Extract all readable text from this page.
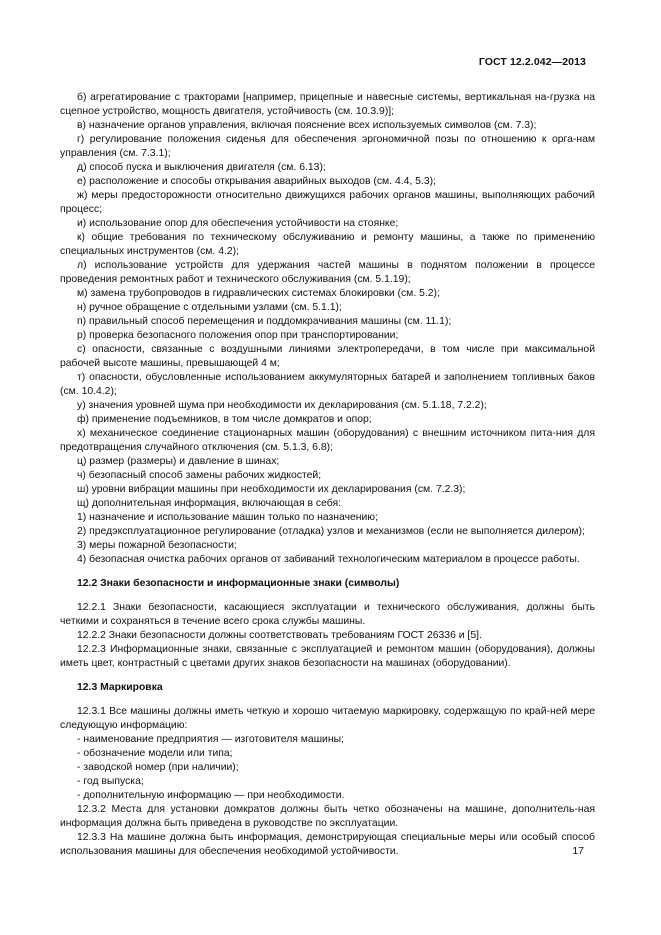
ГОСТ 12.2.042—2013

б) агрегатирование с тракторами [например, прицепные и навесные системы, вертикальная на-грузка на сцепное устройство, мощность двигателя, устойчивость (см. 10.3.9)];

в) назначение органов управления, включая пояснение всех используемых символов (см. 7.3);

г) регулирование положения сиденья для обеспечения эргономичной позы по отношению к орга-нам управления (см. 7.3.1);

д) способ пуска и выключения двигателя (см. 6.13);

е) расположение и способы открывания аварийных выходов (см. 4.4, 5.3);

ж) меры предосторожности относительно движущихся рабочих органов машины, выполняющих рабочий процесс;

и) использование опор для обеспечения устойчивости на стоянке;

к) общие требования по техническому обслуживанию и ремонту машины, а также по применению специальных инструментов (см. 4.2);

л) использование устройств для удержания частей машины в поднятом положении в процессе проведения ремонтных работ и технического обслуживания (см. 5.1.19);

м) замена трубопроводов в гидравлических системах блокировки (см. 5.2);

н) ручное обращение с отдельными узлами (см. 5.1.1);

п) правильный способ перемещения и поддомкрачивания машины (см. 11.1);

р) проверка безопасного положения опор при транспортировании;

с) опасности, связанные с воздушными линиями электропередачи, в том числе при максимальной рабочей высоте машины, превышающей 4 м;

т) опасности, обусловленные использованием аккумуляторных батарей и заполнением топливных баков (см. 10.4.2);

у) значения уровней шума при необходимости их декларирования (см. 5.1.18, 7.2.2);

ф) применение подъемников, в том числе домкратов и опор;

х) механическое соединение стационарных машин (оборудования) с внешним источником пита-ния для предотвращения случайного отключения (см. 5.1.3, 6.8);

ц) размер (размеры) и давление в шинах;

ч) безопасный способ замены рабочих жидкостей;

ш) уровни вибрации машины при необходимости их декларирования (см. 7.2.3);

щ) дополнительная информация, включающая в себя:

1) назначение и использование машин только по назначению;

2) предэксплуатационное регулирование (отладка) узлов и механизмов (если не выполняется дилером);

3) меры пожарной безопасности;

4) безопасная очистка рабочих органов от забиваний технологическим материалом в процессе работы.

12.2 Знаки безопасности и информационные знаки (символы)

12.2.1 Знаки безопасности, касающиеся эксплуатации и технического обслуживания, должны быть четкими и сохраняться в течение всего срока службы машины.

12.2.2 Знаки безопасности должны соответствовать требованиям ГОСТ 26336 и [5].

12.2.3 Информационные знаки, связанные с эксплуатацией и ремонтом машин (оборудования), должны иметь цвет, контрастный с цветами других знаков безопасности на машинах (оборудовании).

12.3 Маркировка

12.3.1 Все машины должны иметь четкую и хорошо читаемую маркировку, содержащую по край-ней мере следующую информацию:

- наименование предприятия — изготовителя машины;

- обозначение модели или типа;

- заводской номер (при наличии);

- год выпуска;

- дополнительную информацию — при необходимости.

12.3.2 Места для установки домкратов должны быть четко обозначены на машине, дополнитель-ная информация должна быть приведена в руководстве по эксплуатации.

12.3.3 На машине должна быть информация, демонстрирующая специальные меры или особый способ использования машины для обеспечения необходимой устойчивости.	17
